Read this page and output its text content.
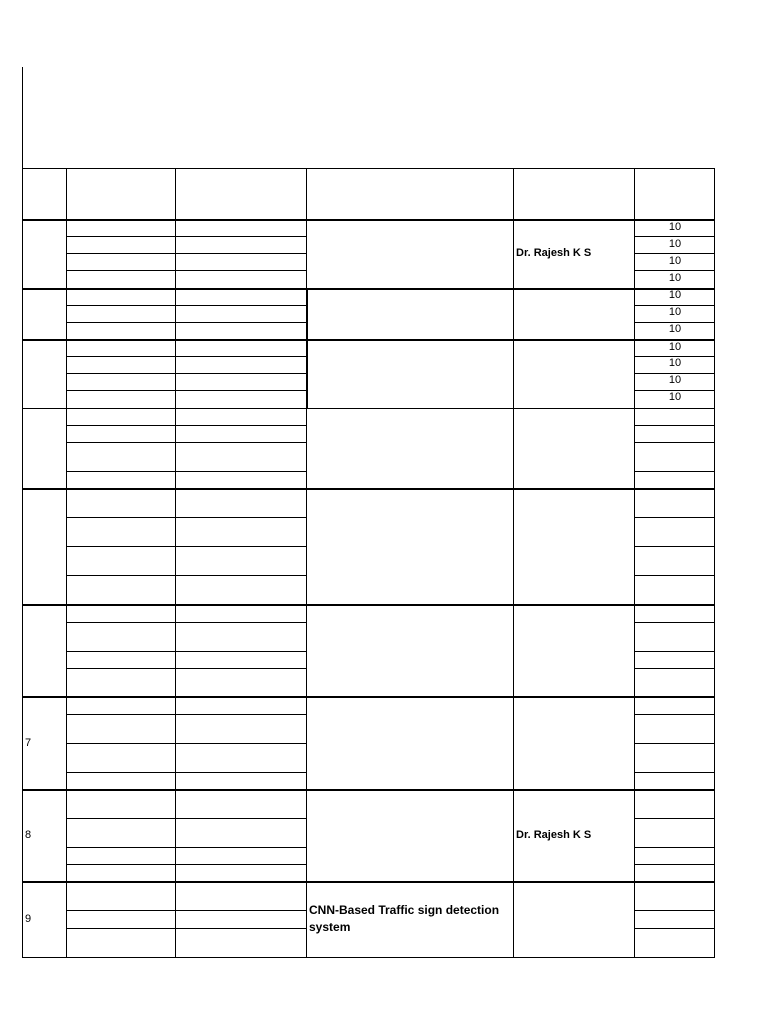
10
10
10
10
10
10
10
10
10
10
10
Dr. Rajesh K S
Dr. Rajesh K S
7
8
9
CNN-Based Traffic sign detection system
